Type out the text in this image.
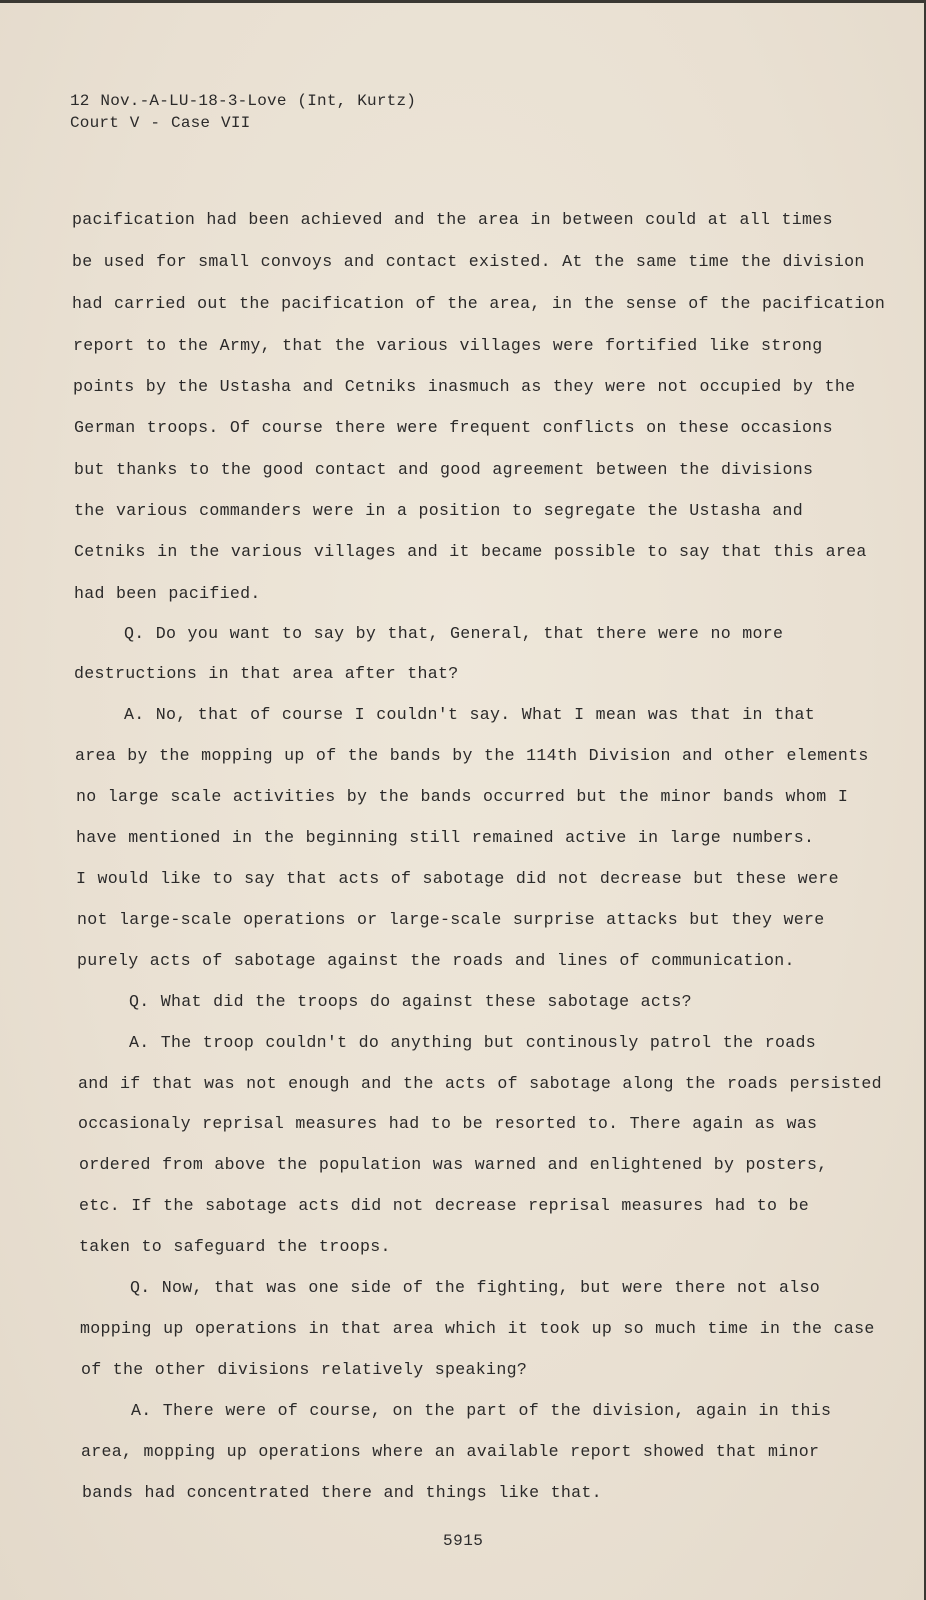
12 Nov.-A-LU-18-3-Love (Int, Kurtz)
Court V - Case VII
pacification had been achieved and the area in between could at all times
be used for small convoys and contact existed. At the same time the division
had carried out the pacification of the area, in the sense of the pacification
report to the Army, that the various villages were fortified like strong
points by the Ustasha and Cetniks inasmuch as they were not occupied by the
German troops. Of course there were frequent conflicts on these occasions
but thanks to the good contact and good agreement between the divisions
the various commanders were in a position to segregate the Ustasha and
Cetniks in the various villages and it became possible to say that this area
had been pacified.
Q. Do you want to say by that, General, that there were no more
destructions in that area after that?
A. No, that of course I couldn't say. What I mean was that in that
area by the mopping up of the bands by the 114th Division and other elements
no large scale activities by the bands occurred but the minor bands whom I
have mentioned in the beginning still remained active in large numbers.
I would like to say that acts of sabotage did not decrease but these were
not large-scale operations or large-scale surprise attacks but they were
purely acts of sabotage against the roads and lines of communication.
Q. What did the troops do against these sabotage acts?
A. The troop couldn't do anything but continously patrol the roads
and if that was not enough and the acts of sabotage along the roads persisted
occasionaly reprisal measures had to be resorted to. There again as was
ordered from above the population was warned and enlightened by posters,
etc. If the sabotage acts did not decrease reprisal measures had to be
taken to safeguard the troops.
Q. Now, that was one side of the fighting, but were there not also
mopping up operations in that area which it took up so much time in the case
of the other divisions relatively speaking?
A. There were of course, on the part of the division, again in this
area, mopping up operations where an available report showed that minor
bands had concentrated there and things like that.
5915
